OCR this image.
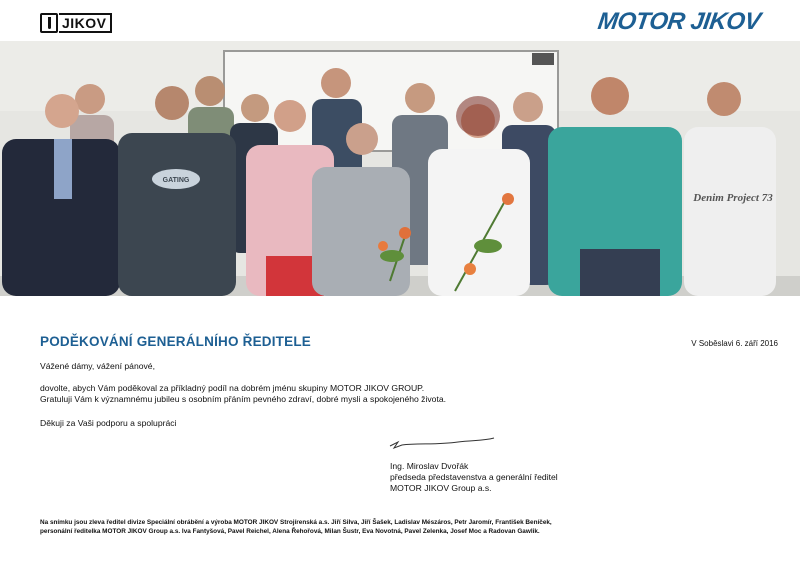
JIKOV	MOTOR JIKOV
GATING
Denim Project 73
PODĚKOVÁNÍ GENERÁLNÍHO ŘEDITELE	V Soběslavi 6. září 2016
Vážené dámy, vážení pánové,
dovolte, abych Vám poděkoval za příkladný podíl na dobrém jménu skupiny MOTOR JIKOV GROUP.
Gratuluji Vám k významnému jubileu s osobním přáním pevného zdraví, dobré mysli a spokojeného života.
Děkuji za Vaši podporu a spolupráci
Ing. Miroslav Dvořák
předseda představenstva a generální ředitel
MOTOR JIKOV Group a.s.
Na snímku jsou zleva ředitel divize Speciální obrábění a výroba MOTOR JIKOV Strojírenská a.s. Jiří Silva, Jiří Šašek, Ladislav Mészáros, Petr Jaromír, František Beníček,
personální ředitelka MOTOR JIKOV Group a.s. Iva Fantyšová, Pavel Reichel, Alena Řehořová, Milan Šustr, Eva Novotná, Pavel Zelenka, Josef Moc a Radovan Gawlik.
